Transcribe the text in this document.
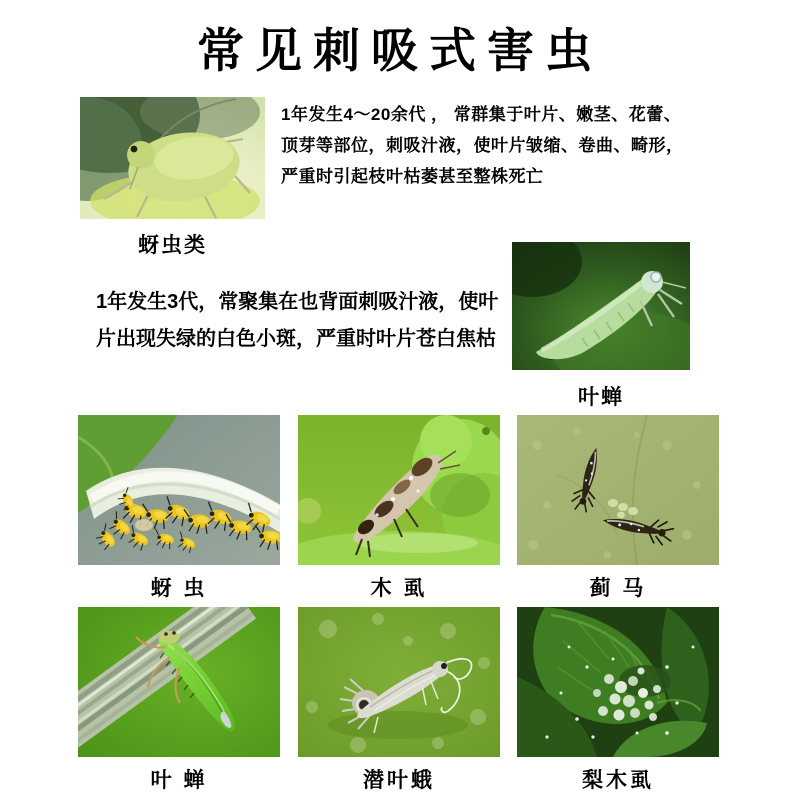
常见刺吸式害虫
1年发生4～20余代 ， 常群集于叶片、嫩茎、花蕾、
顶芽等部位，刺吸汁液，使叶片皱缩、卷曲、畸形，
严重时引起枝叶枯萎甚至整株死亡
蚜虫类
1年发生3代，常聚集在也背面刺吸汁液，使叶
片出现失绿的白色小斑，严重时叶片苍白焦枯
叶蝉
蚜 虫	木 虱	蓟 马
叶 蝉	潜叶蛾	梨木虱
